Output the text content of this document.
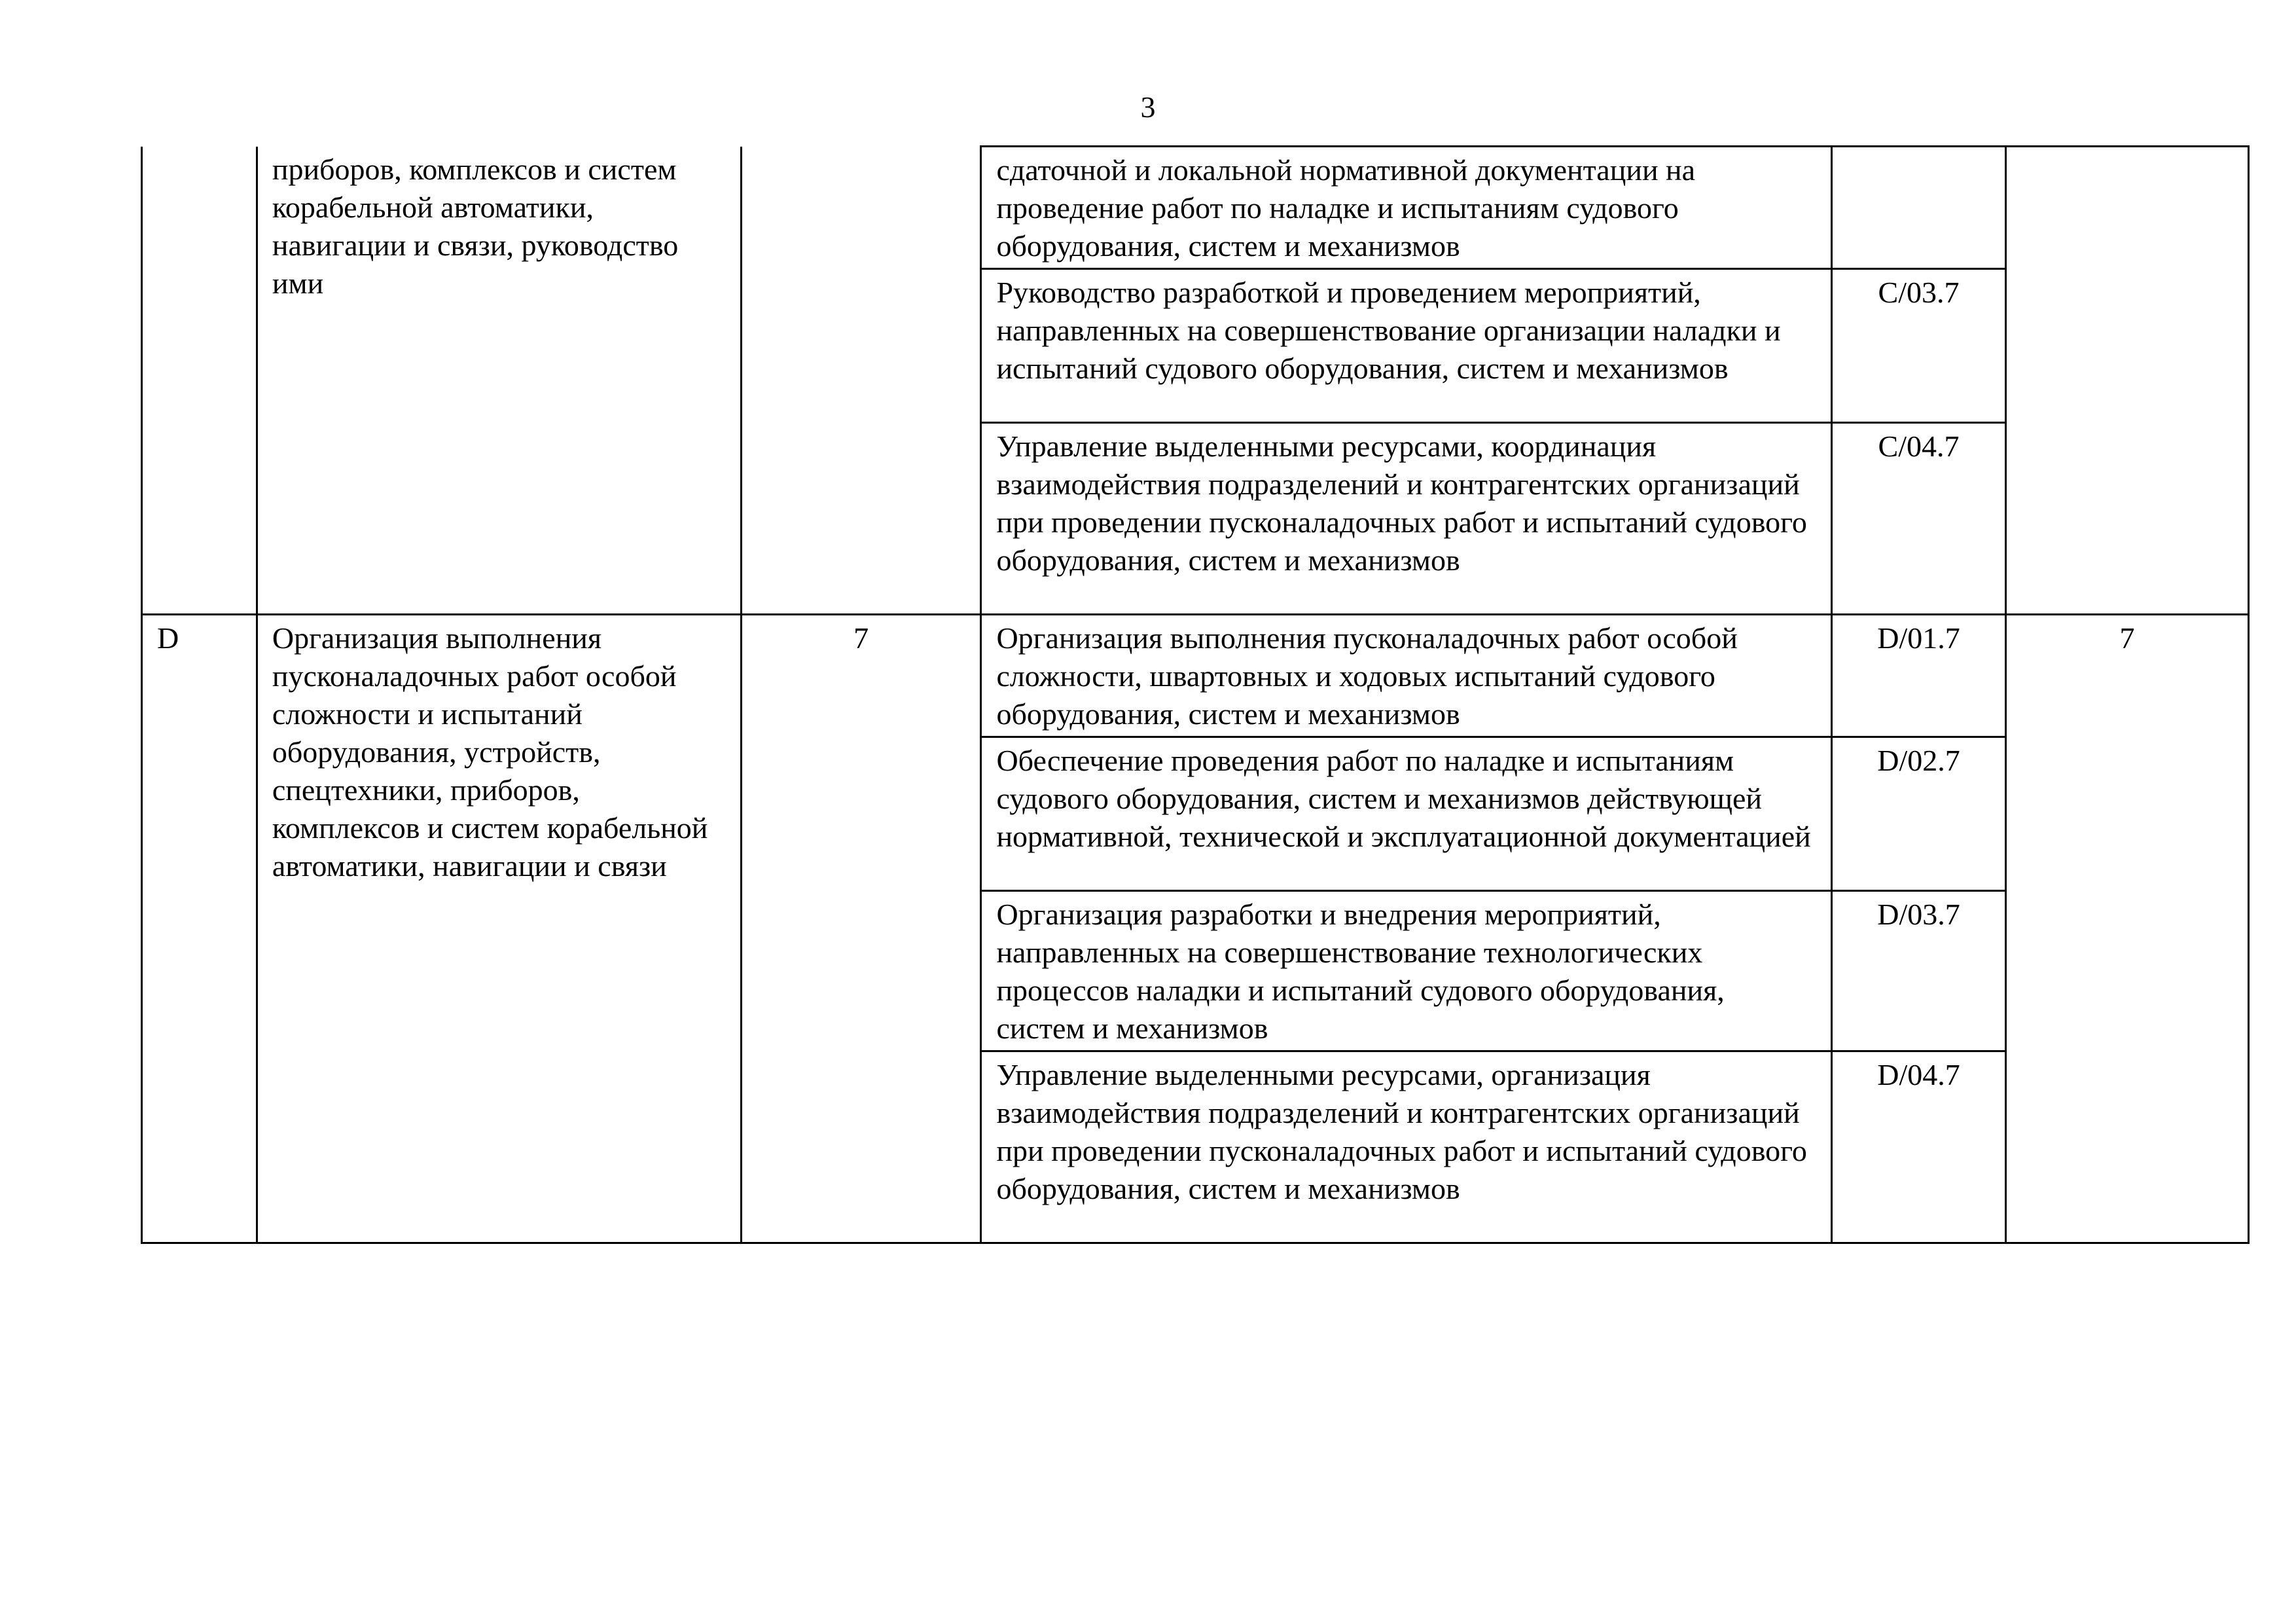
3
	приборов, комплексов и систем корабельной автоматики, навигации и связи, руководство ими		сдаточной и локальной нормативной документации на проведение работ по наладке и испытаниям судового оборудования, систем и механизмов		
			Руководство разработкой и проведением мероприятий, направленных на совершенствование организации наладки и испытаний судового оборудования, систем и механизмов	C/03.7	
			Управление выделенными ресурсами, координация взаимодействия подразделений и контрагентских организаций при проведении пусконаладочных работ и испытаний судового оборудования, систем и механизмов	C/04.7	
D	Организация выполнения пусконаладочных работ особой сложности и испытаний оборудования, устройств, спецтехники, приборов, комплексов и систем корабельной автоматики, навигации и связи	7	Организация выполнения пусконаладочных работ особой сложности, швартовных и ходовых испытаний судового оборудования, систем и механизмов	D/01.7	7
			Обеспечение проведения работ по наладке и испытаниям судового оборудования, систем и механизмов действующей нормативной, технической и эксплуатационной документацией	D/02.7	
			Организация разработки и внедрения мероприятий, направленных на совершенствование технологических процессов наладки и испытаний судового оборудования, систем и механизмов	D/03.7	
			Управление выделенными ресурсами, организация взаимодействия подразделений и контрагентских организаций при проведении пусконаладочных работ и испытаний судового оборудования, систем и механизмов	D/04.7	
